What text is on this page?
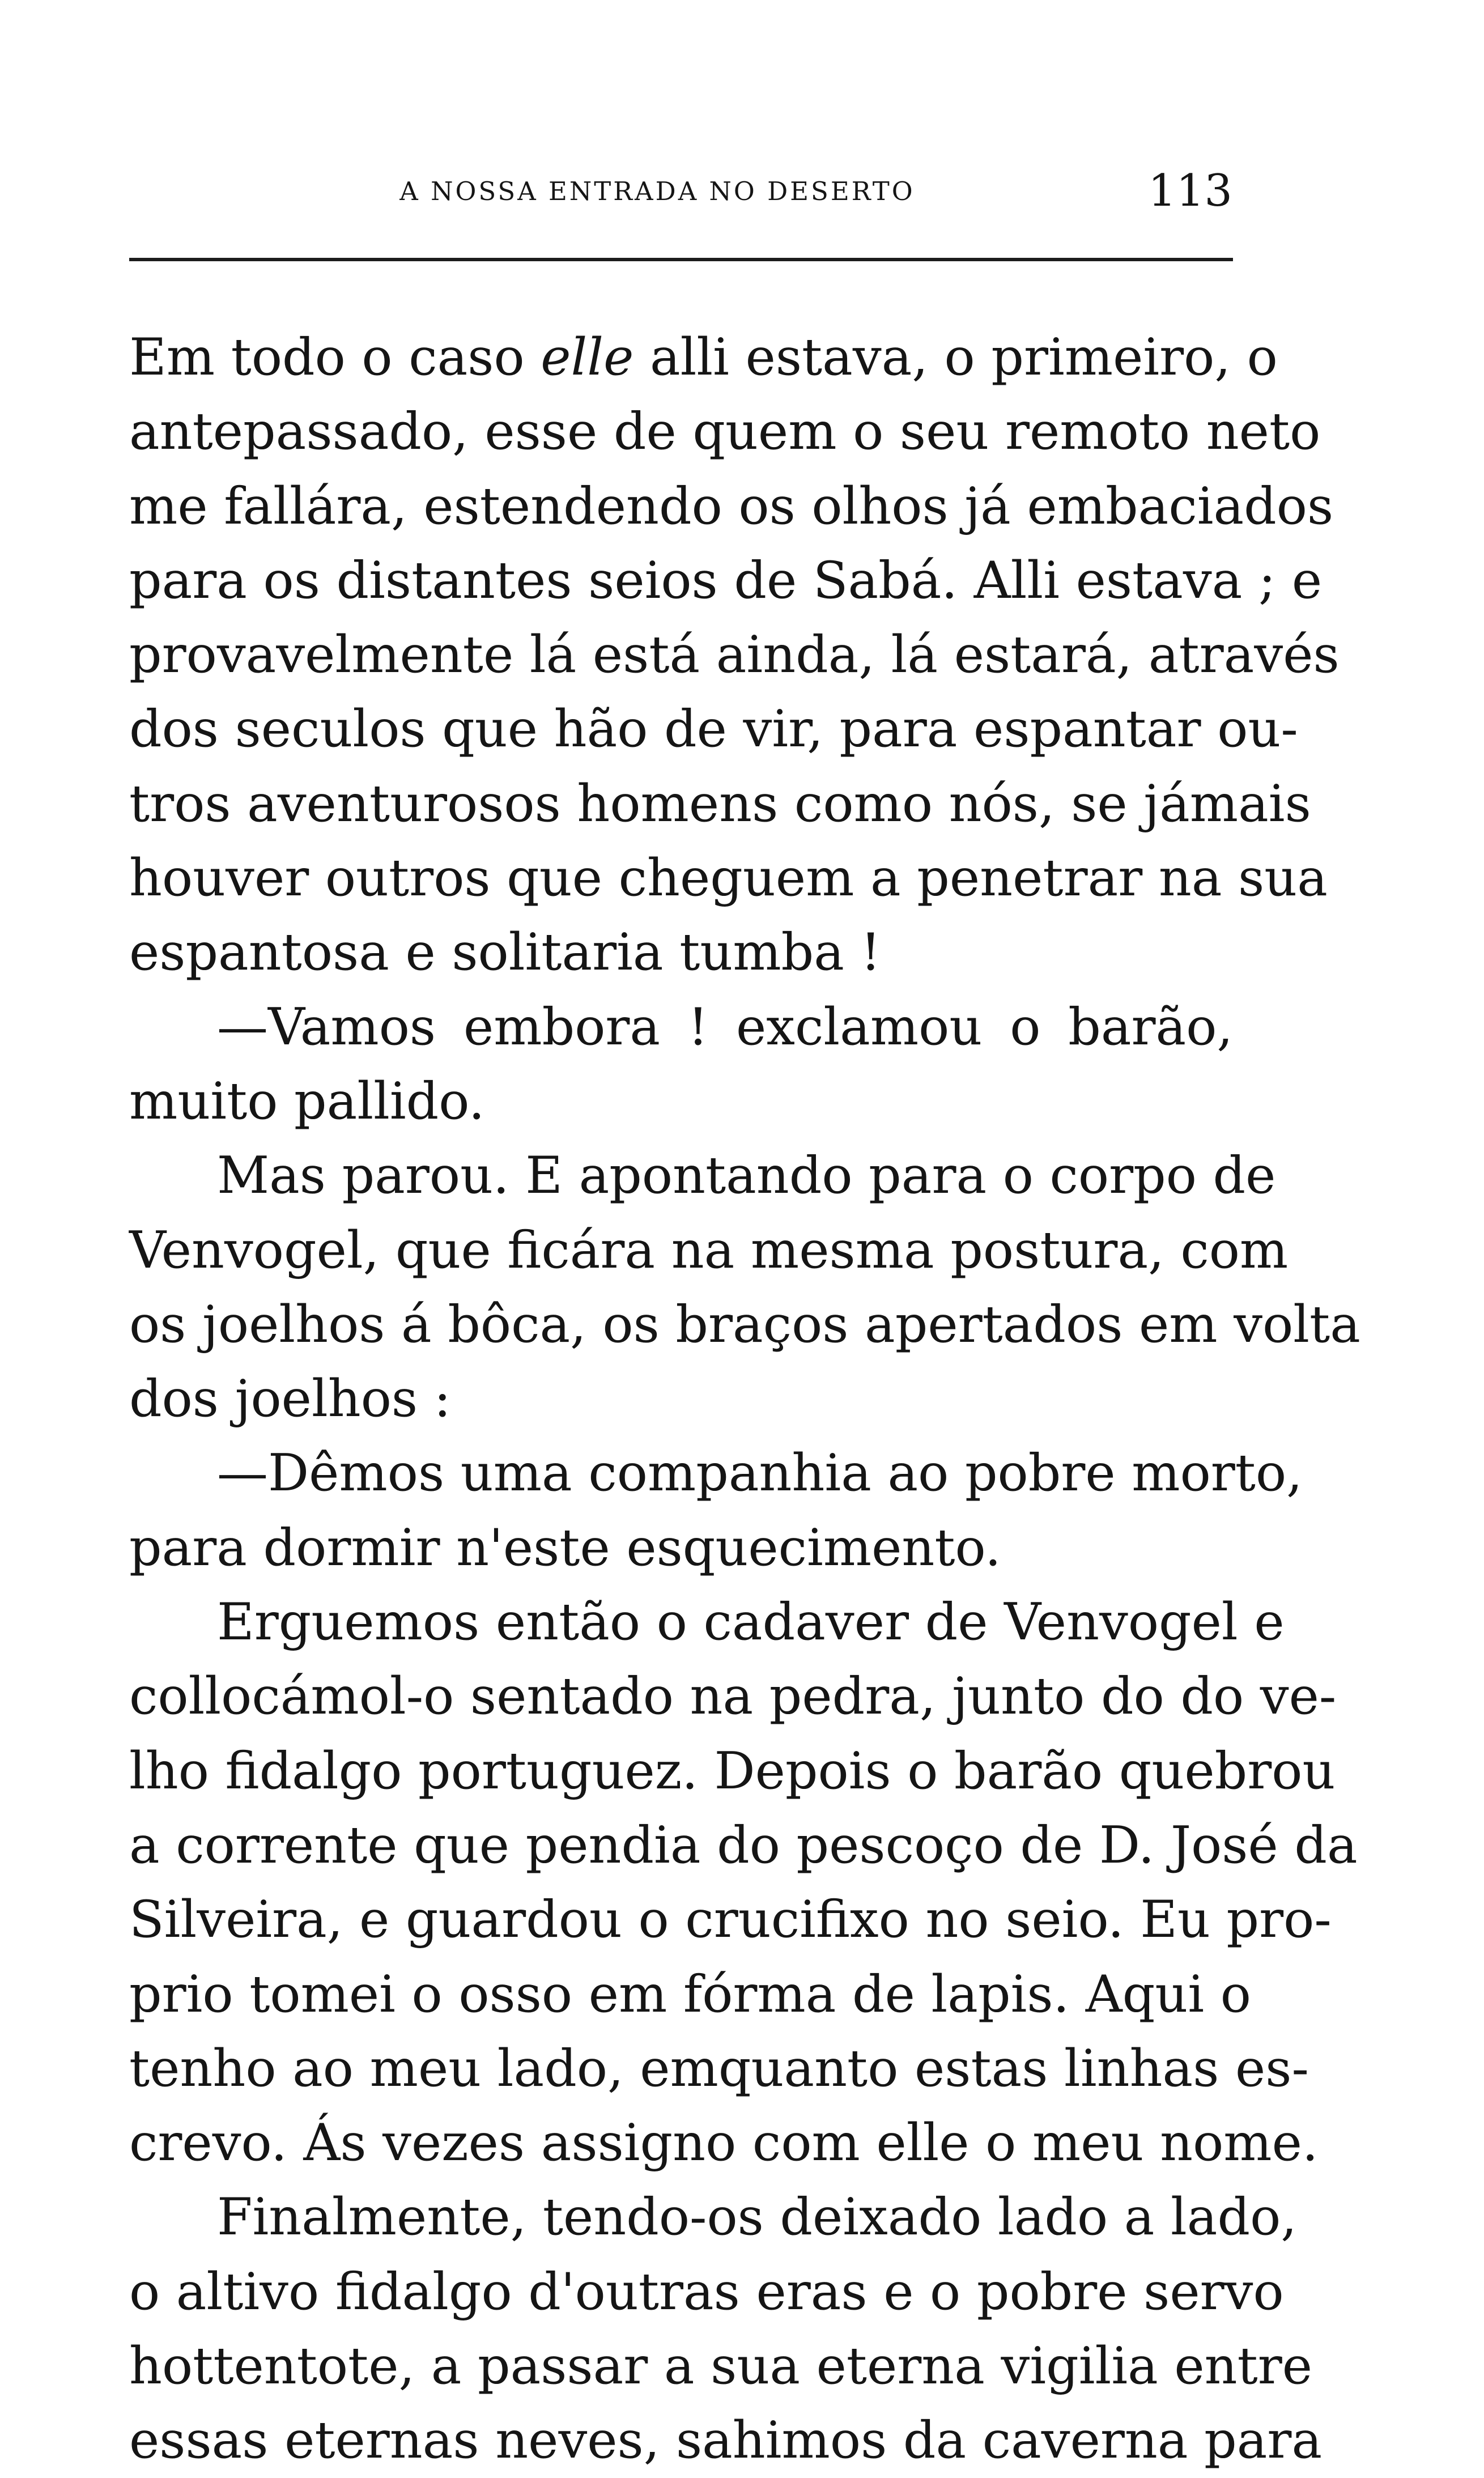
A NOSSA ENTRADA NO DESERTO	113
Em todo o caso elle alli estava, o primeiro, o
antepassado, esse de quem o seu remoto neto
me fallára, estendendo os olhos já embaciados
para os distantes seios de Sabá. Alli estava ; e
provavelmente lá está ainda, lá estará, através
dos seculos que hão de vir, para espantar ou-
tros aventurosos homens como nós, se jámais
houver outros que cheguem a penetrar na sua
espantosa e solitaria tumba !
—Vamos embora ! exclamou o barão,
muito pallido.
Mas parou. E apontando para o corpo de
Venvogel, que ficára na mesma postura, com
os joelhos á bôca, os braços apertados em volta
dos joelhos :
—Dêmos uma companhia ao pobre morto,
para dormir n'este esquecimento.
Erguemos então o cadaver de Venvogel e
collocámol-o sentado na pedra, junto do do ve-
lho fidalgo portuguez. Depois o barão quebrou
a corrente que pendia do pescoço de D. José da
Silveira, e guardou o crucifixo no seio. Eu pro-
prio tomei o osso em fórma de lapis. Aqui o
tenho ao meu lado, emquanto estas linhas es-
crevo. Ás vezes assigno com elle o meu nome.
Finalmente, tendo-os deixado lado a lado,
o altivo fidalgo d'outras eras e o pobre servo
hottentote, a passar a sua eterna vigilia entre
essas eternas neves, sahimos da caverna para
